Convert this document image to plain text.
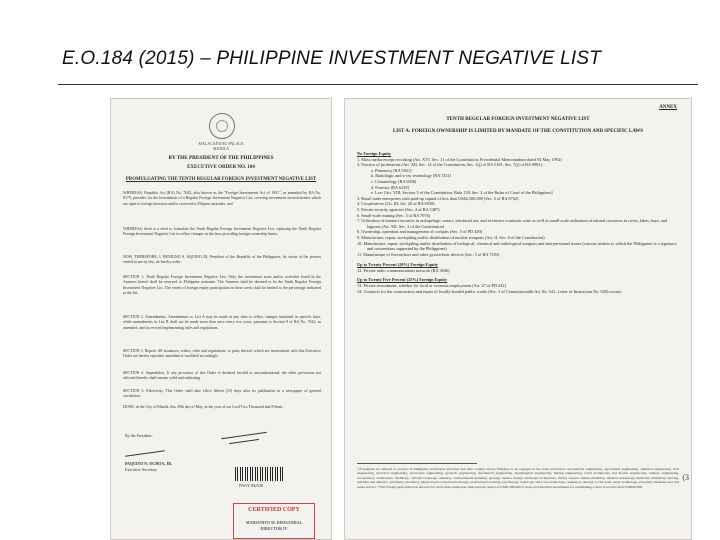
E.O.184 (2015) – PHILIPPINE INVESTMENT NEGATIVE LIST
MALACAÑANG PALACE
MANILA
BY THE PRESIDENT OF THE PHILIPPINES
EXECUTIVE ORDER NO. 184
PROMULGATING THE TENTH REGULAR FOREIGN INVESTMENT NEGATIVE LIST
WHEREAS, Republic Act (RA) No. 7042, also known as the "Foreign Investments Act of 1991", as amended by RA No. 8179, provides for the formulation of a Regular Foreign Investment Negative List, covering investment areas/activities which are open to foreign investors and/or reserved to Filipino nationals; and
WHEREAS, there is a need to formulate the Tenth Regular Foreign Investment Negative List, replacing the Ninth Regular Foreign Investment Negative List to reflect changes in the laws providing foreign ownership limits;
NOW, THEREFORE, I, BENIGNO S. AQUINO III, President of the Republic of the Philippines, by virtue of the powers vested in me by law, do hereby order:
SECTION 1. Tenth Regular Foreign Investment Negative List. Only the investment areas and/or activities listed in the Annexes hereof shall be reserved to Philippine nationals. The Annexes shall be deemed to be the Tenth Regular Foreign Investment Negative List. The extent of foreign equity participation in these areas shall be limited to the percentage indicated in the list.
SECTION 2. Amendments. Amendments to List A may be made at any time to reflect changes instituted in specific laws, while amendments to List B shall not be made more than once every two years, pursuant to Section 8 of RA No. 7042, as amended, and its revised implementing rules and regulations.
SECTION 3. Repeal. All issuances, orders, rules and regulations, or parts thereof, which are inconsistent with this Executive Order are hereby repealed, amended or modified accordingly.
SECTION 4. Separability. If any provision of this Order is declared invalid or unconstitutional, the other provisions not affected thereby shall remain valid and subsisting.
SECTION 5. Effectivity. This Order shall take effect fifteen (15) days after its publication in a newspaper of general circulation.
DONE, in the City of Manila, this 29th day of May, in the year of our Lord Two Thousand and Fifteen.
By the President:
PAQUITO N. OCHOA, JR.
Executive Secretary
PNOY 002548
CERTIFIED COPY
MARIANITO M. DIMAANDAL
DIRECTOR IV
ANNEX
TENTH REGULAR FOREIGN INVESTMENT NEGATIVE LIST
LIST A: FOREIGN OWNERSHIP IS LIMITED BY MANDATE OF THE CONSTITUTION AND SPECIFIC LAWS
No Foreign Equity
1. Mass media except recording (Art. XVI, Sec. 11 of the Constitution; Presidential Memorandum dated 04 May 1994)
2. Practice of professions (Art. XII, Sec. 14 of the Constitution, Sec. 1(j) of RA 5181, Sec. 7(j) of RA 8981):
a. Pharmacy [RA 5921]
b. Radiologic and x-ray technology [RA 7431]
c. Criminology [RA 6506]
d. Forestry [RA 6239]
e. Law [Art. VIII, Section 5 of the Constitution, Rule 138, Sec. 2 of the Rules of Court of the Philippines]
3. Retail trade enterprises with paid-up capital of less than US$2,500,000 (Sec. 5 of RA 8762)
4. Cooperatives (Ch. III, Art. 26 of RA 6938)
5. Private security agencies (Sec. 4 of RA 5487)
6. Small-scale mining (Sec. 3 of RA 7076)
7. Utilization of marine resources in archipelagic waters, territorial sea, and exclusive economic zone as well as small-scale utilization of natural resources in rivers, lakes, bays, and lagoons (Art. XII, Sec. 2 of the Constitution)
8. Ownership, operation and management of cockpits (Sec. 5 of PD 449)
9. Manufacture, repair, stockpiling and/or distribution of nuclear weapons (Art. II, Sec. 8 of the Constitution)
10. Manufacture, repair, stockpiling and/or distribution of biological, chemical and radiological weapons and anti-personnel mines (various treaties to which the Philippines is a signatory and conventions supported by the Philippines)
11. Manufacture of firecrackers and other pyrotechnic devices (Sec. 5 of RA 7183)
Up to Twenty Percent (20%) Foreign Equity
12. Private radio communications network (RA 3846)
Up to Twenty Five Percent (25%) Foreign Equity
13. Private recruitment, whether for local or overseas employment (Art. 27 of PD 442)
14. Contracts for the construction and repair of locally-funded public works (Sec. 1 of Commonwealth Act No. 541, Letter of Instruction No. 630) except:
¹ Foreigners are allowed to practice in Philippine professions provided that their country allows Filipinos to be engaged in the same profession: aeronautical engineering, agricultural engineering, chemical engineering, civil engineering, electrical engineering, electronics engineering, geodetic engineering, mechanical engineering, metallurgical engineering, mining engineering, naval architecture and marine engineering, sanitary engineering, accountancy, architecture, chemistry, customs brokerage, dentistry, environmental planning, geology, interior design, landscape architecture, library science, master plumbing, medical technology, medicine, midwifery, nursing, nutrition and dietetics, optometry, pharmacy, physical and occupational therapy, professional teaching, psychology, radiologic and x-ray technology, respiratory therapy, social work, sugar technology, veterinary medicine and real estate service. ² Full foreign participation is allowed for retail trade enterprises with paid-up capital of US$2,500,000 or more provided that investments for establishing a store is not less than US$830,000.
(3
